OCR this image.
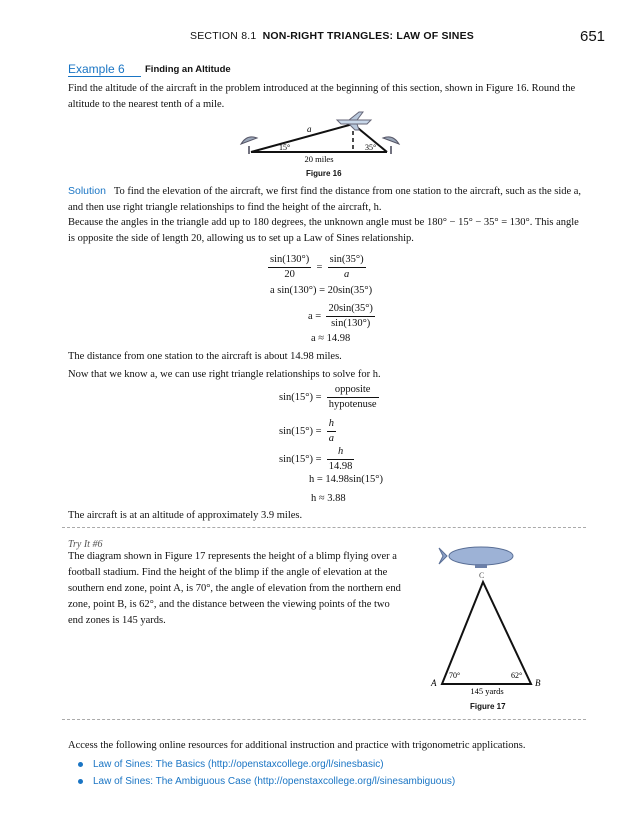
SECTION 8.1 NON-RIGHT TRIANGLES: LAW OF SINES	651
Example 6	Finding an Altitude

Find the altitude of the aircraft in the problem introduced at the beginning of this section, shown in Figure 16. Round the altitude to the nearest tenth of a mile.

a
15°	35°
20 miles
Figure 16

Solution To find the elevation of the aircraft, we first find the distance from one station to the aircraft, such as the side a, and then use right triangle relationships to find the height of the aircraft, h.

Because the angles in the triangle add up to 180 degrees, the unknown angle must be 180° − 15° − 35° = 130°. This angle is opposite the side of length 20, allowing us to set up a Law of Sines relationship.

$\frac{\sin(130^\circ)}{20} = \frac{\sin(35^\circ)}{a}$
a sin(130°) = 20sin(35°)
$a = \frac{20\sin(35^\circ)}{\sin(130^\circ)}$
a ≈ 14.98

The distance from one station to the aircraft is about 14.98 miles.

Now that we know a, we can use right triangle relationships to solve for h.

$\sin(15^\circ) = \frac{\text{opposite}}{\text{hypotenuse}}$
$\sin(15^\circ) = \frac{h}{a}$
$\sin(15^\circ) = \frac{h}{14.98}$
h = 14.98sin(15°)
h ≈ 3.88

The aircraft is at an altitude of approximately 3.9 miles.

Try It #6

The diagram shown in Figure 17 represents the height of a blimp flying over a football stadium. Find the height of the blimp if the angle of elevation at the southern end zone, point A, is 70°, the angle of elevation from the northern end zone, point B, is 62°, and the distance between the viewing points of the two end zones is 145 yards.

C
A	B
70°	62°
145 yards
Figure 17

Access the following online resources for additional instruction and practice with trigonometric applications.

Law of Sines: The Basics (http://openstaxcollege.org/l/sinesbasic)
Law of Sines: The Ambiguous Case (http://openstaxcollege.org/l/sinesambiguous)
